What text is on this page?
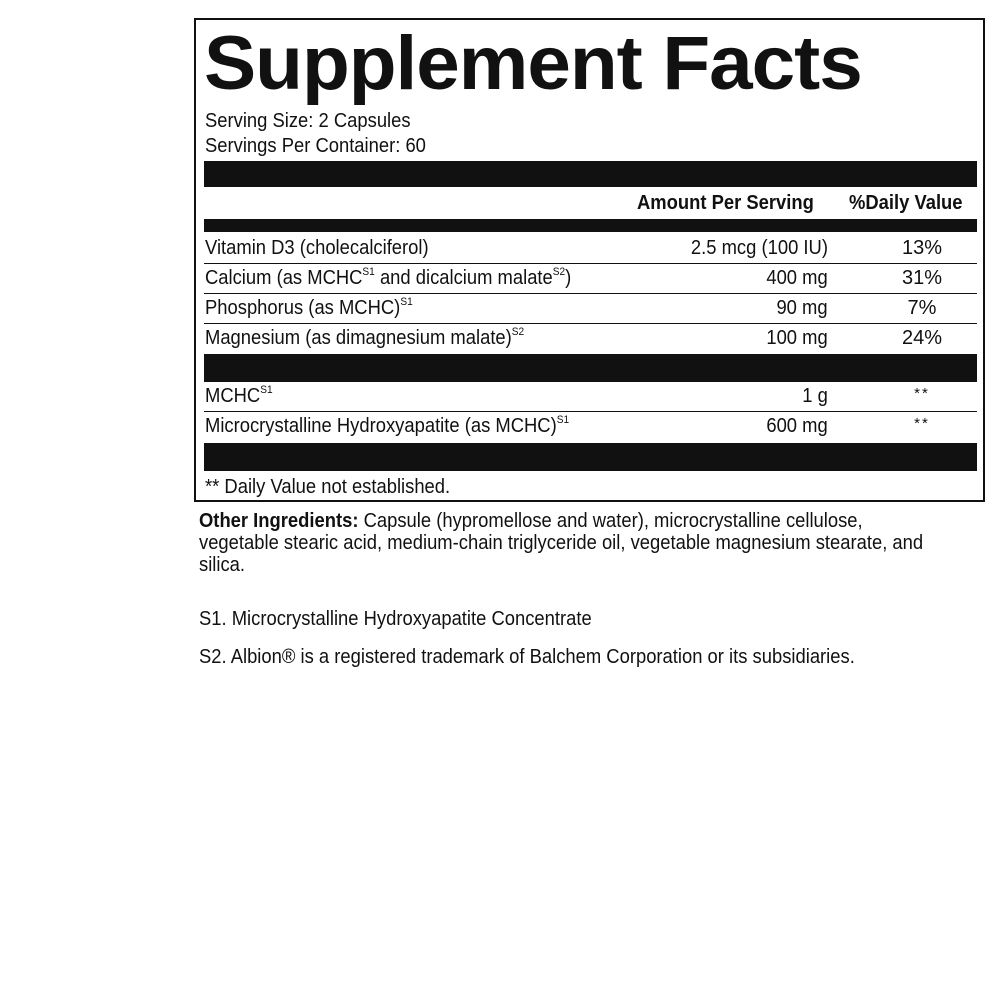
Supplement Facts
Serving Size: 2 Capsules
Servings Per Container: 60
Amount Per Serving %Daily Value
Vitamin D3 (cholecalciferol)	2.5 mcg (100 IU)	13%
Calcium (as $MCHC^{S1}$ and dicalcium malate$^{S2}$)	400 mg	31%
Phosphorus (as MCHC)$^{S1}$	90 mg	7%
Magnesium (as dimagnesium malate)$^{S2}$	100 mg	24%
$MCHC^{S1}$	1 g	**
Microcrystalline Hydroxyapatite (as MCHC)$^{S1}$	600 mg	**
** Daily Value not established.
Other Ingredients: Capsule (hypromellose and water), microcrystalline cellulose, vegetable stearic acid, medium-chain triglyceride oil, vegetable magnesium stearate, and silica.
S1. Microcrystalline Hydroxyapatite Concentrate
S2. Albion® is a registered trademark of Balchem Corporation or its subsidiaries.
